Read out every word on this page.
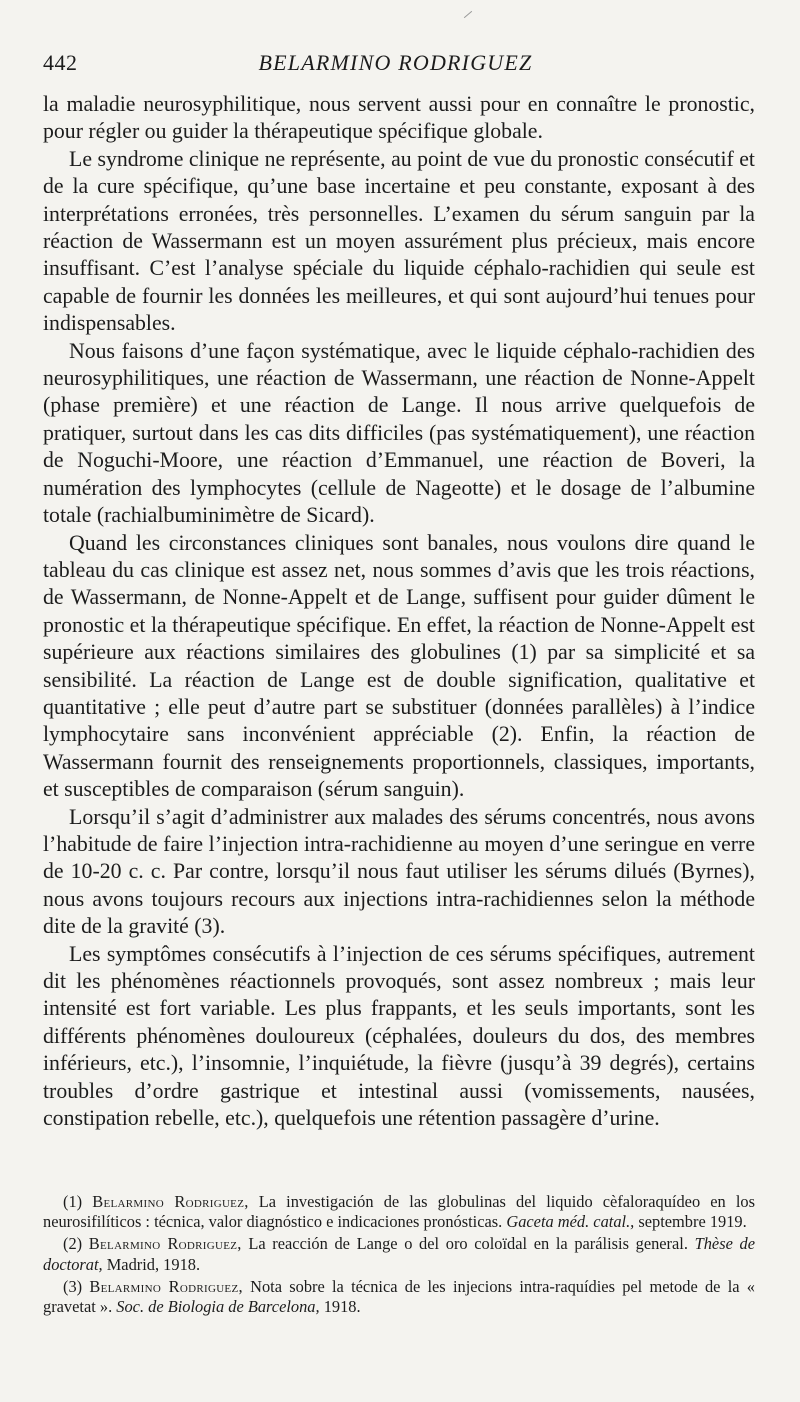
442	BELARMINO RODRIGUEZ

la maladie neurosyphilitique, nous servent aussi pour en connaître le pronostic, pour régler ou guider la thérapeutique spécifique globale.

Le syndrome clinique ne représente, au point de vue du pronostic consécutif et de la cure spécifique, qu’une base incertaine et peu constante, exposant à des interprétations erronées, très personnelles. L’examen du sérum sanguin par la réaction de Wassermann est un moyen assurément plus précieux, mais encore insuffisant. C’est l’analyse spéciale du liquide céphalo-rachidien qui seule est capable de fournir les données les meilleures, et qui sont aujourd’hui tenues pour indispensables.

Nous faisons d’une façon systématique, avec le liquide céphalo-rachidien des neurosyphilitiques, une réaction de Wassermann, une réaction de Nonne-Appelt (phase première) et une réaction de Lange. Il nous arrive quelquefois de pratiquer, surtout dans les cas dits difficiles (pas systématiquement), une réaction de Noguchi-Moore, une réaction d’Emmanuel, une réaction de Boveri, la numération des lymphocytes (cellule de Nageotte) et le dosage de l’albumine totale (rachialbuminimètre de Sicard).

Quand les circonstances cliniques sont banales, nous voulons dire quand le tableau du cas clinique est assez net, nous sommes d’avis que les trois réactions, de Wassermann, de Nonne-Appelt et de Lange, suffisent pour guider dûment le pronostic et la thérapeutique spécifique. En effet, la réaction de Nonne-Appelt est supérieure aux réactions similaires des globulines (1) par sa simplicité et sa sensibilité. La réaction de Lange est de double signification, qualitative et quantitative ; elle peut d’autre part se substituer (données parallèles) à l’indice lymphocytaire sans inconvénient appréciable (2). Enfin, la réaction de Wassermann fournit des renseignements proportionnels, classiques, importants, et susceptibles de comparaison (sérum sanguin).

Lorsqu’il s’agit d’administrer aux malades des sérums concentrés, nous avons l’habitude de faire l’injection intra-rachidienne au moyen d’une seringue en verre de 10-20 c. c. Par contre, lorsqu’il nous faut utiliser les sérums dilués (Byrnes), nous avons toujours recours aux injections intra-rachidiennes selon la méthode dite de la gravité (3).

Les symptômes consécutifs à l’injection de ces sérums spécifiques, autrement dit les phénomènes réactionnels provoqués, sont assez nombreux ; mais leur intensité est fort variable. Les plus frappants, et les seuls importants, sont les différents phénomènes douloureux (céphalées, douleurs du dos, des membres inférieurs, etc.), l’insomnie, l’inquiétude, la fièvre (jusqu’à 39 degrés), certains troubles d’ordre gastrique et intestinal aussi (vomissements, nausées, constipation rebelle, etc.), quelquefois une rétention passagère d’urine.

(1) Belarmino Rodriguez, La investigación de las globulinas del liquido cèfaloraquídeo en los neurosifilíticos : técnica, valor diagnóstico e indicaciones pronósticas. Gaceta méd. catal., septembre 1919.

(2) Belarmino Rodriguez, La reacción de Lange o del oro coloïdal en la parálisis general. Thèse de doctorat, Madrid, 1918.

(3) Belarmino Rodriguez, Nota sobre la técnica de les injecions intra-raquídies pel metode de la « gravetat ». Soc. de Biologia de Barcelona, 1918.
